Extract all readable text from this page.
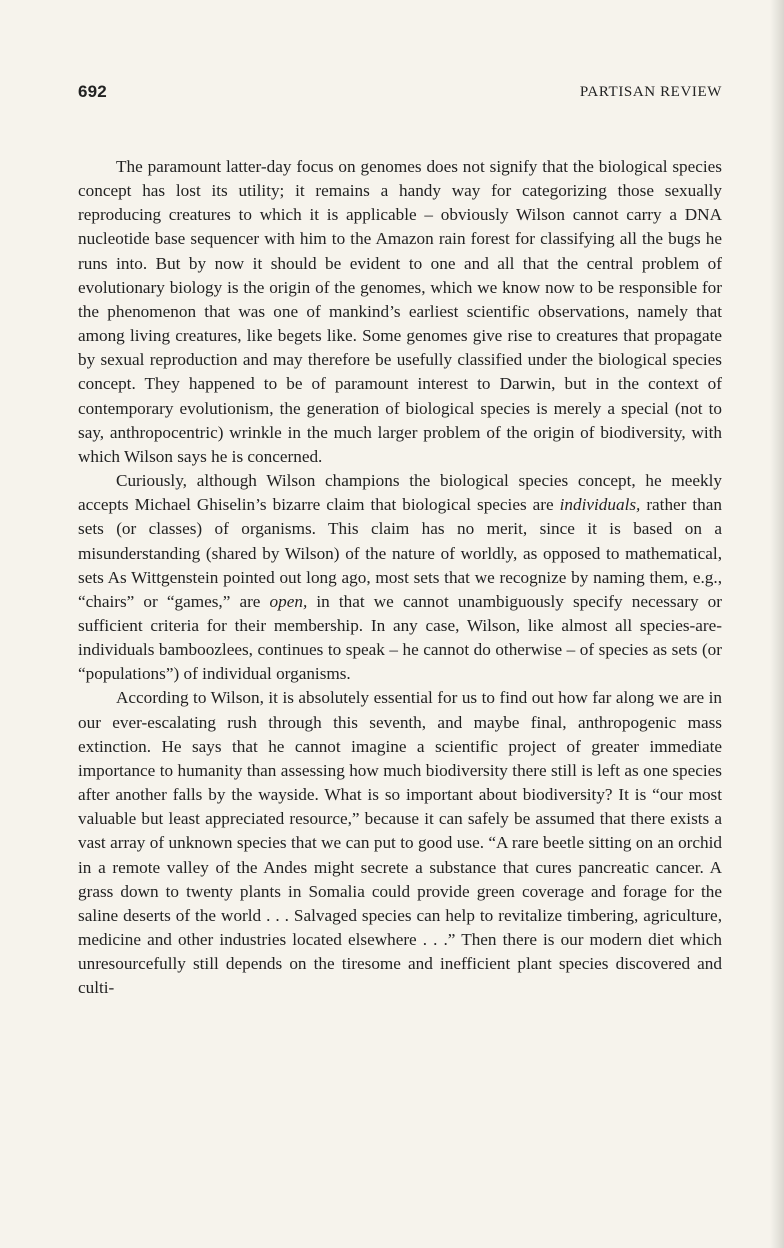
692	PARTISAN REVIEW

The paramount latter-day focus on genomes does not signify that the biological species concept has lost its utility; it remains a handy way for categorizing those sexually reproducing creatures to which it is applicable – obviously Wilson cannot carry a DNA nucleotide base sequencer with him to the Amazon rain forest for classifying all the bugs he runs into. But by now it should be evident to one and all that the central problem of evolutionary biology is the origin of the genomes, which we know now to be responsible for the phenomenon that was one of mankind’s earliest scientific observations, namely that among living creatures, like begets like. Some genomes give rise to creatures that propagate by sexual reproduction and may therefore be usefully classified under the biological species concept. They happened to be of paramount interest to Darwin, but in the context of contemporary evolutionism, the generation of biological species is merely a special (not to say, anthropocentric) wrinkle in the much larger problem of the origin of biodiversity, with which Wilson says he is concerned.

Curiously, although Wilson champions the biological species concept, he meekly accepts Michael Ghiselin’s bizarre claim that biological species are individuals, rather than sets (or classes) of organisms. This claim has no merit, since it is based on a misunderstanding (shared by Wilson) of the nature of worldly, as opposed to mathematical, sets As Wittgenstein pointed out long ago, most sets that we recognize by naming them, e.g., “chairs” or “games,” are open, in that we cannot unambiguously specify necessary or sufficient criteria for their membership. In any case, Wilson, like almost all species-are-individuals bamboozlees, continues to speak – he cannot do otherwise – of species as sets (or “populations”) of individual organisms.

According to Wilson, it is absolutely essential for us to find out how far along we are in our ever-escalating rush through this seventh, and maybe final, anthropogenic mass extinction. He says that he cannot imagine a scientific project of greater immediate importance to humanity than assessing how much biodiversity there still is left as one species after another falls by the wayside. What is so important about biodiversity? It is “our most valuable but least appreciated resource,” because it can safely be assumed that there exists a vast array of unknown species that we can put to good use. “A rare beetle sitting on an orchid in a remote valley of the Andes might secrete a substance that cures pancreatic cancer. A grass down to twenty plants in Somalia could provide green coverage and forage for the saline deserts of the world . . . Salvaged species can help to revitalize timbering, agriculture, medicine and other industries located elsewhere . . .” Then there is our modern diet which unresourcefully still depends on the tiresome and inefficient plant species discovered and culti-
